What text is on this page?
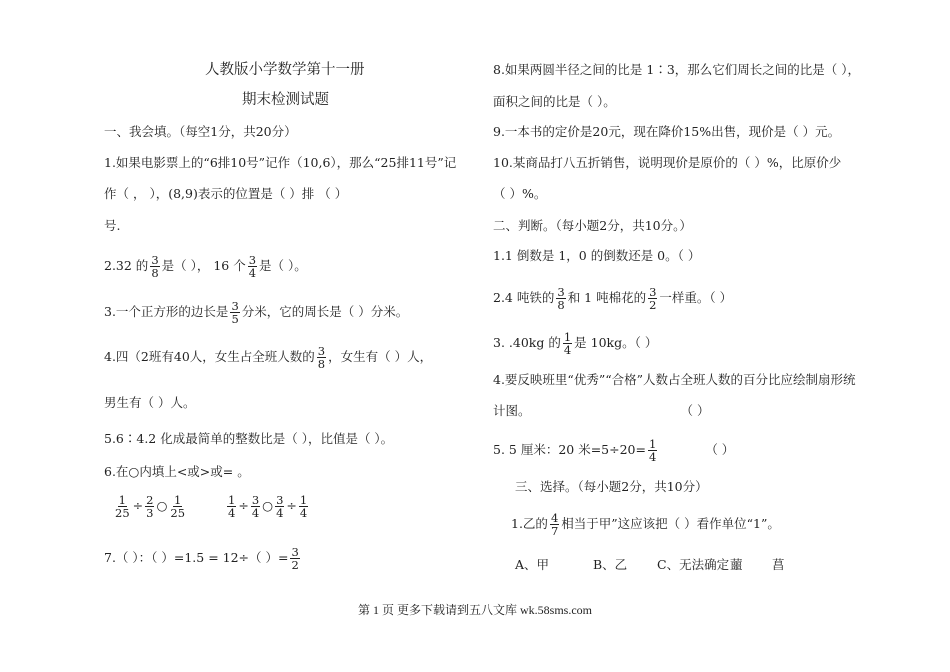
人教版小学数学第十一册
期末检测试题
一、我会填。（每空1分，共20分）
1.如果电影票上的“6排10号”记作（10,6），那么“25排11号”记
作（ ， ），(8,9)表示的位置是（ ）排 （ ）
号.
2.32 的 $\frac{3}{8}$ 是（ ）， 16 个 $\frac{3}{4}$ 是（ ）。
3.一个正方形的边长是 $\frac{3}{5}$ 分米，它的周长是（ ）分米。
4.四（2班有40人，女生占全班人数的 $\frac{3}{8}$ ，女生有（ ）人，
男生有（ ）人。
5.6∶4.2 化成最简单的整数比是（ ），比值是（ ）。
6.在○内填上<或>或= 。
$\frac{1}{25} \div \frac{2}{3}$ ○ $\frac{1}{25}$	$\frac{1}{4} \div \frac{3}{4}$ ○ $\frac{3}{4} \div \frac{1}{4}$
7.（ ）：（ ）=1.5 = 12÷（ ）= $\frac{3}{2}$
8.如果两圆半径之间的比是 1∶3，那么它们周长之间的比是（ ），
面积之间的比是（ ）。
9.一本书的定价是20元，现在降价15%出售，现价是（ ）元。
10.某商品打八五折销售，说明现价是原价的（ ）%，比原价少
（ ）%。
二、判断。（每小题2分，共10分。）
1.1 倒数是 1，0 的倒数还是 0。（ ）
2.4 吨铁的 $\frac{3}{8}$ 和 1 吨棉花的 $\frac{3}{2}$ 一样重。（ ）
3. .40kg 的 $\frac{1}{4}$ 是 10kg。（ ）
4.要反映班里“优秀”“合格”人数占全班人数的百分比应绘制扇形统
计图。	（ ）
5. 5 厘米：20 米$=5\div 20= \frac{1}{4}$	（ ）
三、选择。（每小题2分，共10分）
1.乙的 $\frac{4}{7}$ 相当于甲”这应该把（ ）看作单位“1”。
A、甲	B、乙 C、无法确定 蘁 菖
第 1 页 更多下载请到五八文库 wk.58sms.com
